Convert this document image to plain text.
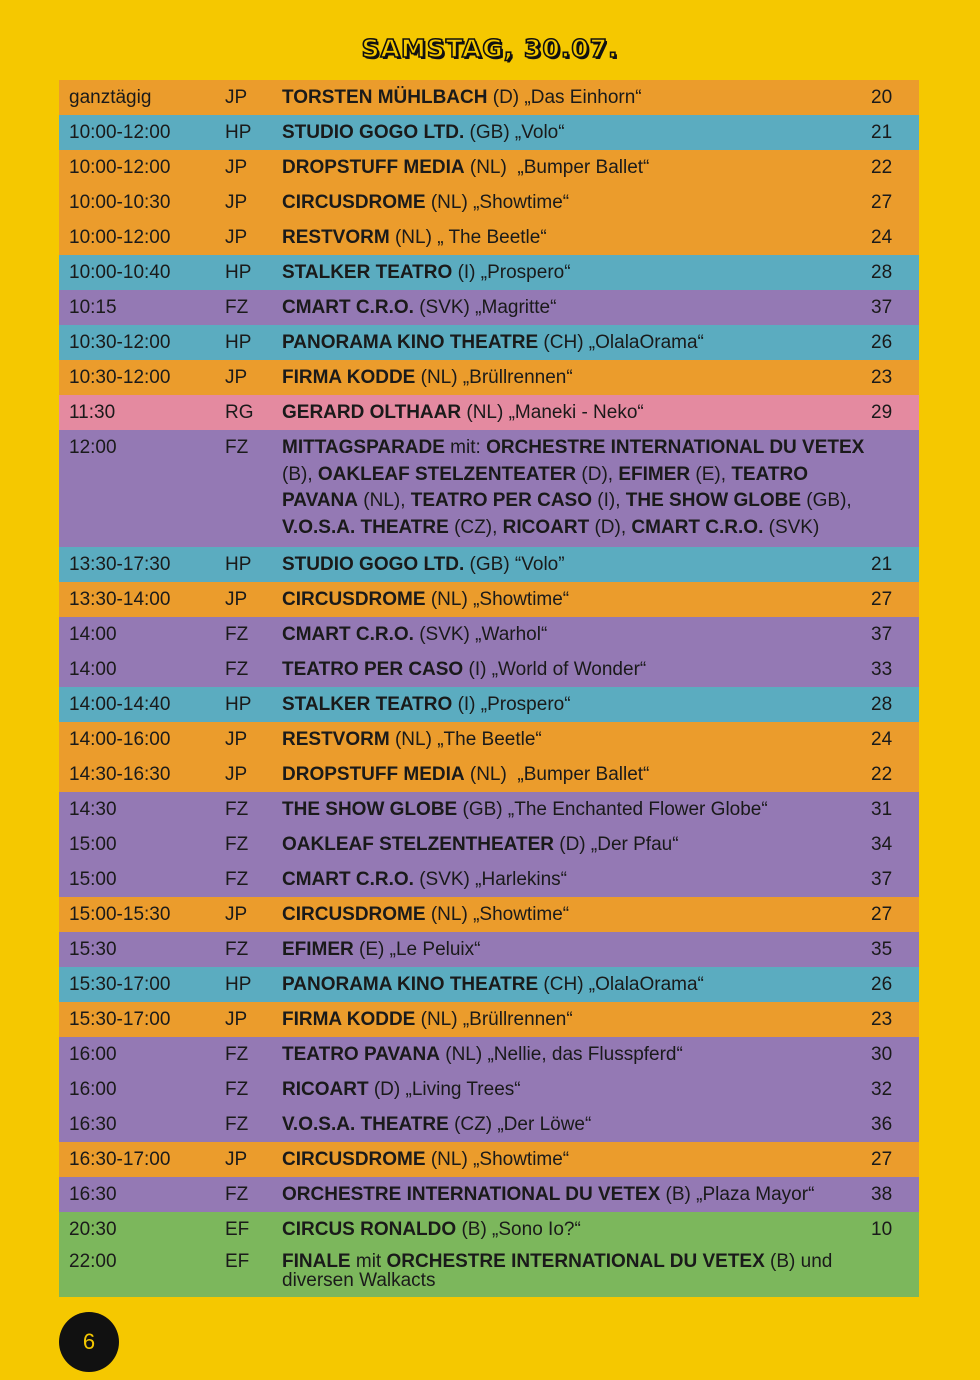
SAMSTAG, 30.07.
ganztägig	JP	TORSTEN MÜHLBACH (D) „Das Einhorn“	20
10:00-12:00	HP	STUDIO GOGO LTD. (GB) „Volo“	21
10:00-12:00	JP	DROPSTUFF MEDIA (NL)  „Bumper Ballet“	22
10:00-10:30	JP	CIRCUSDROME (NL) „Showtime“	27
10:00-12:00	JP	RESTVORM (NL) „ The Beetle“	24
10:00-10:40	HP	STALKER TEATRO (I) „Prospero“	28
10:15	FZ	CMART C.R.O. (SVK) „Magritte“	37
10:30-12:00	HP	PANORAMA KINO THEATRE (CH) „OlalaOrama“	26
10:30-12:00	JP	FIRMA KODDE (NL) „Brüllrennen“	23
11:30	RG	GERARD OLTHAAR (NL) „Maneki - Neko“	29
12:00	FZ	MITTAGSPARADE mit: ORCHESTRE INTERNATIONAL DU VETEX (B), OAKLEAF STELZENTEATER (D), EFIMER (E), TEATRO PAVANA (NL), TEATRO PER CASO (I), THE SHOW GLOBE (GB), V.O.S.A. THEATRE (CZ), RICOART (D), CMART C.R.O. (SVK)
13:30-17:30	HP	STUDIO GOGO LTD. (GB) “Volo”	21
13:30-14:00	JP	CIRCUSDROME (NL) „Showtime“	27
14:00	FZ	CMART C.R.O. (SVK) „Warhol“	37
14:00	FZ	TEATRO PER CASO (I) „World of Wonder“	33
14:00-14:40	HP	STALKER TEATRO (I) „Prospero“	28
14:00-16:00	JP	RESTVORM (NL) „The Beetle“	24
14:30-16:30	JP	DROPSTUFF MEDIA (NL)  „Bumper Ballet“	22
14:30	FZ	THE SHOW GLOBE (GB) „The Enchanted Flower Globe“	31
15:00	FZ	OAKLEAF STELZENTHEATER (D) „Der Pfau“	34
15:00	FZ	CMART C.R.O. (SVK) „Harlekins“	37
15:00-15:30	JP	CIRCUSDROME (NL) „Showtime“	27
15:30	FZ	EFIMER (E) „Le Peluix“	35
15:30-17:00	HP	PANORAMA KINO THEATRE (CH) „OlalaOrama“	26
15:30-17:00	JP	FIRMA KODDE (NL) „Brüllrennen“	23
16:00	FZ	TEATRO PAVANA (NL) „Nellie, das Flusspferd“	30
16:00	FZ	RICOART (D) „Living Trees“	32
16:30	FZ	V.O.S.A. THEATRE (CZ) „Der Löwe“	36
16:30-17:00	JP	CIRCUSDROME (NL) „Showtime“	27
16:30	FZ	ORCHESTRE INTERNATIONAL DU VETEX (B) „Plaza Mayor“	38
20:30	EF	CIRCUS RONALDO (B) „Sono Io?“	10
22:00	EF	FINALE mit ORCHESTRE INTERNATIONAL DU VETEX (B) und diversen Walkacts
6
